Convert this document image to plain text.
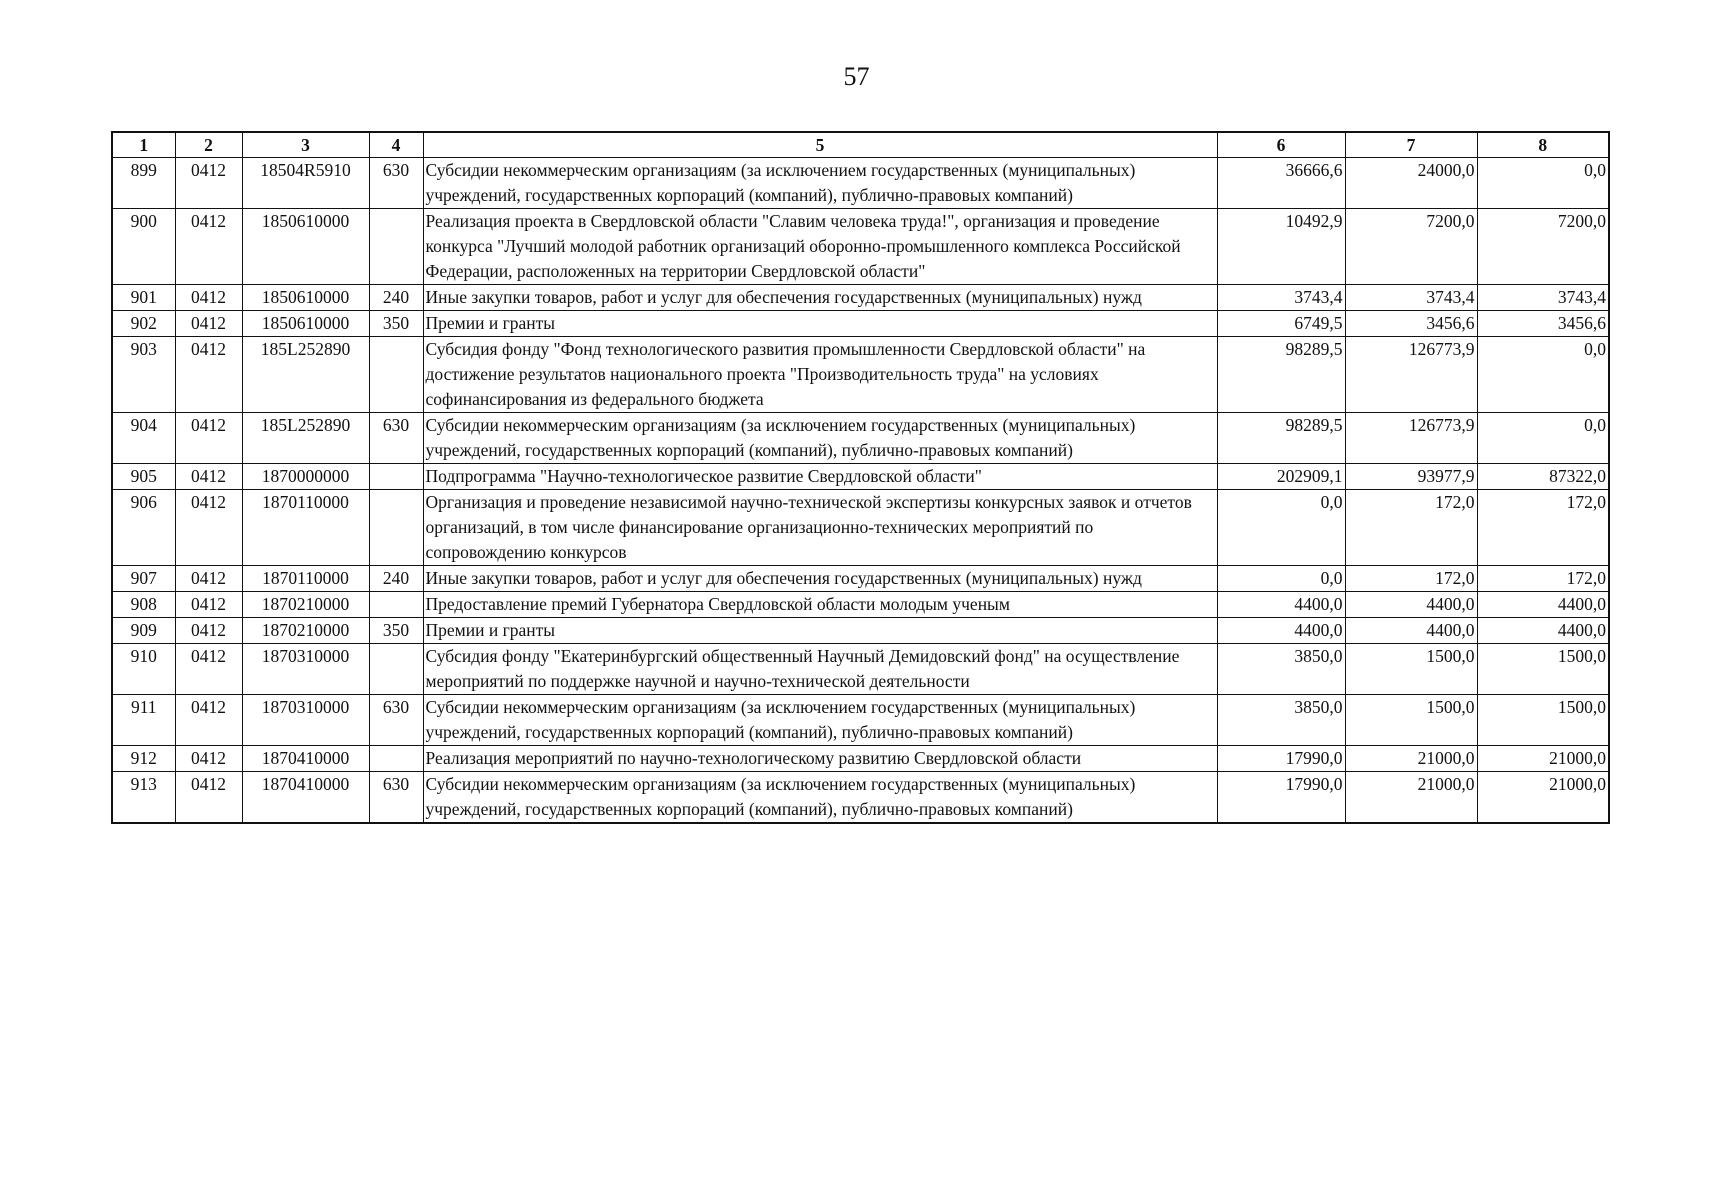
57
1	2	3	4	5	6	7	8
899	0412	18504R5910	630	Субсидии некоммерческим организациям (за исключением государственных (муниципальных) учреждений, государственных корпораций (компаний), публично-правовых компаний)	36666,6	24000,0	0,0
900	0412	1850610000		Реализация проекта в Свердловской области "Славим человека труда!", организация и проведение конкурса "Лучший молодой работник организаций оборонно-промышленного комплекса Российской Федерации, расположенных на территории Свердловской области"	10492,9	7200,0	7200,0
901	0412	1850610000	240	Иные закупки товаров, работ и услуг для обеспечения государственных (муниципальных) нужд	3743,4	3743,4	3743,4
902	0412	1850610000	350	Премии и гранты	6749,5	3456,6	3456,6
903	0412	185L252890		Субсидия фонду "Фонд технологического развития промышленности Свердловской области" на достижение результатов национального проекта "Производительность труда" на условиях софинансирования из федерального бюджета	98289,5	126773,9	0,0
904	0412	185L252890	630	Субсидии некоммерческим организациям (за исключением государственных (муниципальных) учреждений, государственных корпораций (компаний), публично-правовых компаний)	98289,5	126773,9	0,0
905	0412	1870000000		Подпрограмма "Научно-технологическое развитие Свердловской области"	202909,1	93977,9	87322,0
906	0412	1870110000		Организация и проведение независимой научно-технической экспертизы конкурсных заявок и отчетов организаций, в том числе финансирование организационно-технических мероприятий по сопровождению конкурсов	0,0	172,0	172,0
907	0412	1870110000	240	Иные закупки товаров, работ и услуг для обеспечения государственных (муниципальных) нужд	0,0	172,0	172,0
908	0412	1870210000		Предоставление премий Губернатора Свердловской области молодым ученым	4400,0	4400,0	4400,0
909	0412	1870210000	350	Премии и гранты	4400,0	4400,0	4400,0
910	0412	1870310000		Субсидия фонду "Екатеринбургский общественный Научный Демидовский фонд" на осуществление мероприятий по поддержке научной и научно-технической деятельности	3850,0	1500,0	1500,0
911	0412	1870310000	630	Субсидии некоммерческим организациям (за исключением государственных (муниципальных) учреждений, государственных корпораций (компаний), публично-правовых компаний)	3850,0	1500,0	1500,0
912	0412	1870410000		Реализация мероприятий по научно-технологическому развитию Свердловской области	17990,0	21000,0	21000,0
913	0412	1870410000	630	Субсидии некоммерческим организациям (за исключением государственных (муниципальных) учреждений, государственных корпораций (компаний), публично-правовых компаний)	17990,0	21000,0	21000,0
